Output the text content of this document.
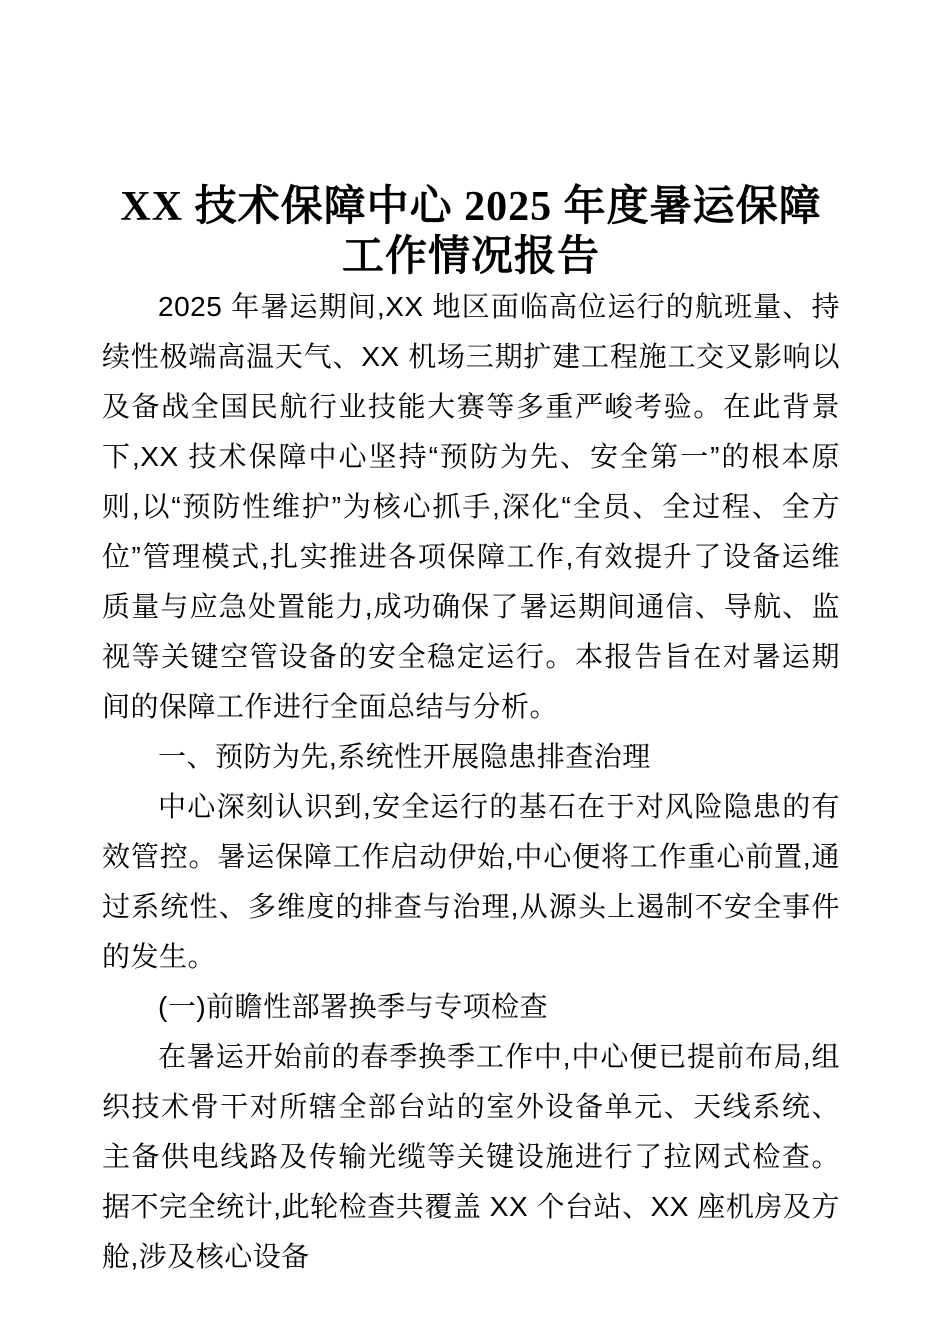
XX 技术保障中心 2025 年度暑运保障工作情况报告

2025 年暑运期间,XX 地区面临高位运行的航班量、持续性极端高温天气、XX 机场三期扩建工程施工交叉影响以及备战全国民航行业技能大赛等多重严峻考验。在此背景下,XX 技术保障中心坚持“预防为先、安全第一”的根本原则,以“预防性维护”为核心抓手,深化“全员、全过程、全方位”管理模式,扎实推进各项保障工作,有效提升了设备运维质量与应急处置能力,成功确保了暑运期间通信、导航、监视等关键空管设备的安全稳定运行。本报告旨在对暑运期间的保障工作进行全面总结与分析。

一、预防为先,系统性开展隐患排查治理

中心深刻认识到,安全运行的基石在于对风险隐患的有效管控。暑运保障工作启动伊始,中心便将工作重心前置,通过系统性、多维度的排查与治理,从源头上遏制不安全事件的发生。

(一)前瞻性部署换季与专项检查

在暑运开始前的春季换季工作中,中心便已提前布局,组织技术骨干对所辖全部台站的室外设备单元、天线系统、主备供电线路及传输光缆等关键设施进行了拉网式检查。据不完全统计,此轮检查共覆盖 XX 个台站、XX 座机房及方舱,涉及核心设备
